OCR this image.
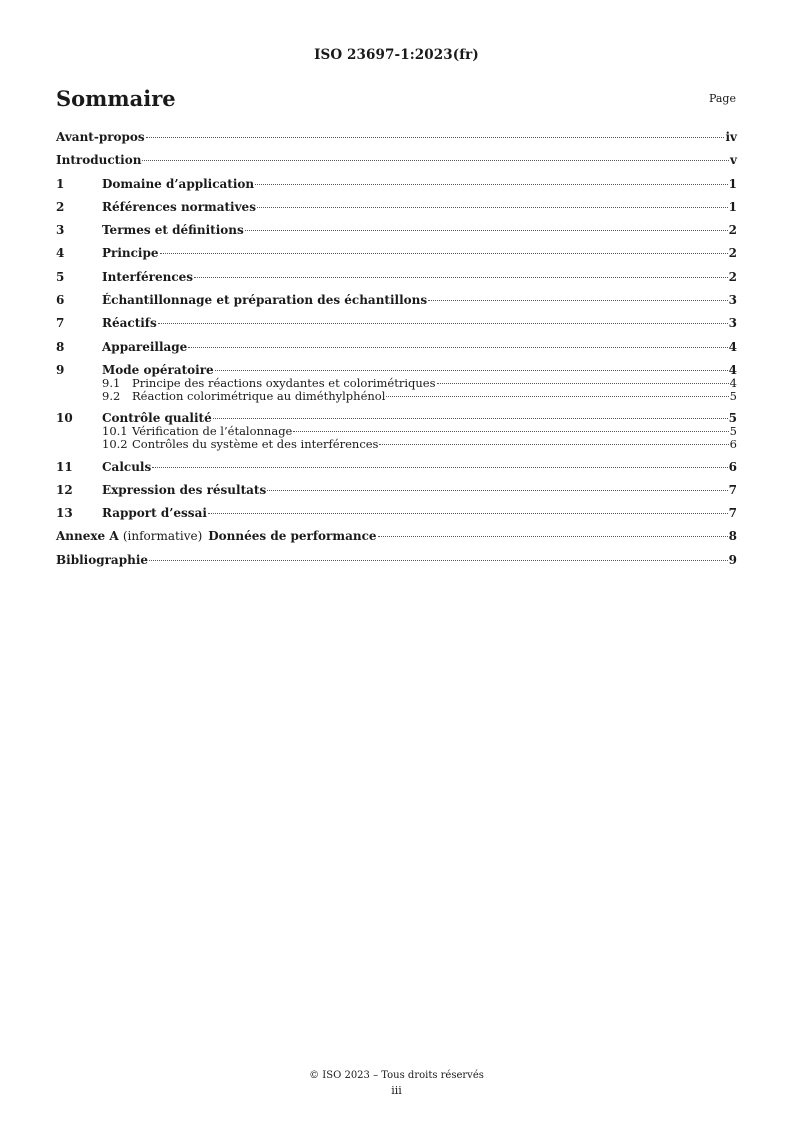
ISO 23697-1:2023(fr)
Sommaire	Page
Avant-propos	iv
Introduction	v
1	Domaine d’application	1
2	Références normatives	1
3	Termes et définitions	2
4	Principe	2
5	Interférences	2
6	Échantillonnage et préparation des échantillons	3
7	Réactifs	3
8	Appareillage	4
9	Mode opératoire	4
9.1	Principe des réactions oxydantes et colorimétriques	4
9.2	Réaction colorimétrique au diméthylphénol	5
10	Contrôle qualité	5
10.1 Vérification de l’étalonnage	5
10.2 Contrôles du système et des interférences	6
11	Calculs	6
12	Expression des résultats	7
13	Rapport d’essai	7
Annexe A (informative)  Données de performance	8
Bibliographie	9
© ISO 2023 – Tous droits réservés
iii
